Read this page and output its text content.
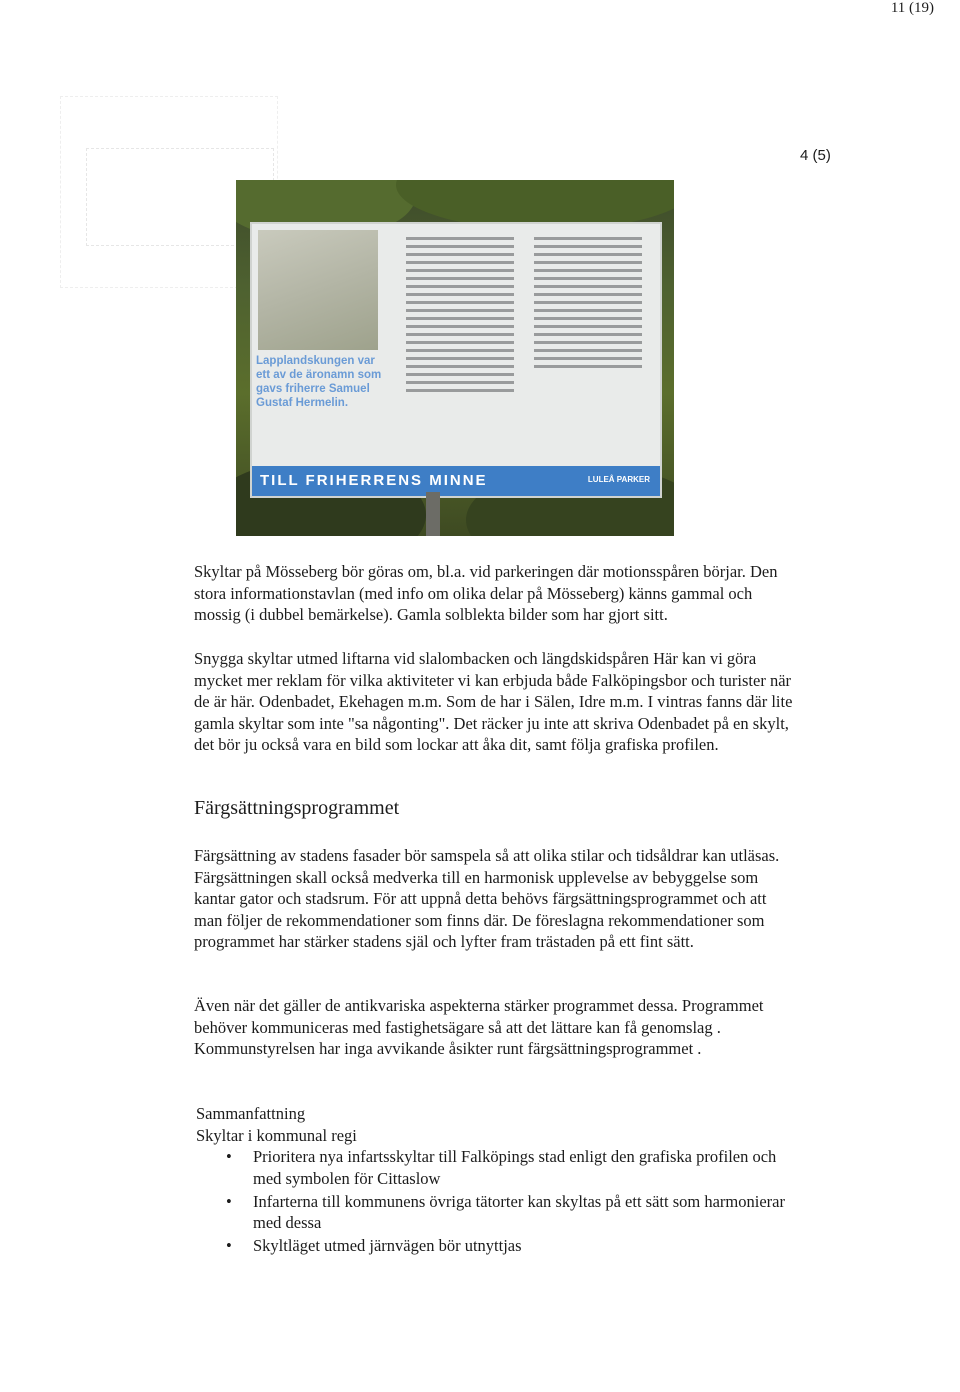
11 (19)
4 (5)
Lapplandskungen var
ett av de äronamn som
gavs friherre Samuel
Gustaf Hermelin.
TILL FRIHERRENS MINNE	LULEÅ PARKER
Skyltar på Mösseberg bör göras om, bl.a. vid parkeringen där motionsspåren börjar. Den stora informationstavlan (med info om olika delar på Mösseberg) känns gammal och mossig (i dubbel bemärkelse). Gamla solblekta bilder som har gjort sitt.
Snygga skyltar utmed liftarna vid slalombacken och längdskidspåren Här kan vi göra mycket mer reklam för vilka aktiviteter vi kan erbjuda både Falköpingsbor och turister när de är här. Odenbadet, Ekehagen m.m. Som de har i Sälen, Idre m.m. I vintras fanns där lite gamla skyltar som inte "sa någonting". Det räcker ju inte att skriva Odenbadet på en skylt, det bör ju också vara en bild som lockar att åka dit, samt följa grafiska profilen.
Färgsättningsprogrammet
Färgsättning av stadens fasader bör samspela så att olika stilar och tidsåldrar kan utläsas. Färgsättningen skall också medverka till en harmonisk upplevelse av bebyggelse som kantar gator och stadsrum. För att uppnå detta behövs färgsättningsprogrammet och att man följer de rekommendationer som finns där. De föreslagna rekommendationer som programmet har stärker stadens själ och lyfter fram trästaden på ett fint sätt.
Även när det gäller de antikvariska aspekterna stärker programmet dessa. Programmet behöver kommuniceras med fastighetsägare så att det lättare kan få genomslag . Kommunstyrelsen har inga avvikande åsikter runt färgsättningsprogrammet .
Sammanfattning
Skyltar i kommunal regi
• Prioritera nya infartsskyltar till Falköpings stad enligt den grafiska profilen och med symbolen för Cittaslow
• Infarterna till kommunens övriga tätorter kan skyltas på ett sätt som harmonierar med dessa
• Skyltläget utmed järnvägen bör utnyttjas
